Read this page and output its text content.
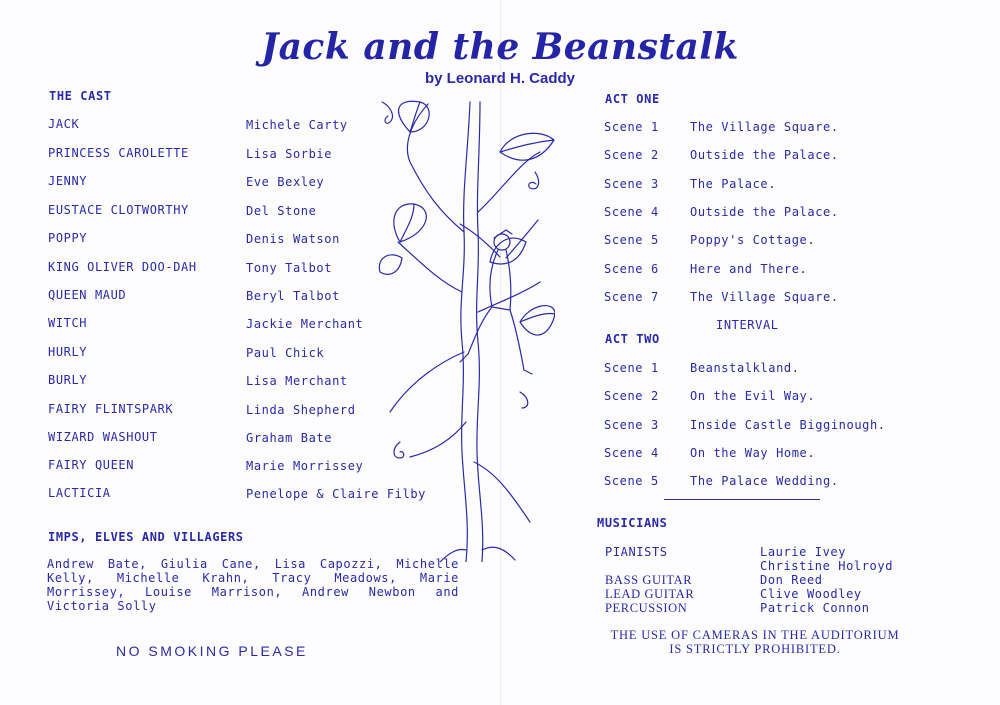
Jack and the Beanstalk
by Leonard H. Caddy
THE CAST
JACK	Michele Carty
PRINCESS CAROLETTE	Lisa Sorbie
JENNY	Eve Bexley
EUSTACE CLOTWORTHY	Del Stone
POPPY	Denis Watson
KING OLIVER DOO-DAH	Tony Talbot
QUEEN MAUD	Beryl Talbot
WITCH	Jackie Merchant
HURLY	Paul Chick
BURLY	Lisa Merchant
FAIRY FLINTSPARK	Linda Shepherd
WIZARD WASHOUT	Graham Bate
FAIRY QUEEN	Marie Morrissey
LACTICIA	Penelope & Claire Filby
IMPS, ELVES AND VILLAGERS
Andrew Bate, Giulia Cane, Lisa Capozzi, Michelle Kelly, Michelle Krahn, Tracy Meadows, Marie Morrissey, Louise Marrison, Andrew Newbon and Victoria Solly
NO SMOKING PLEASE
ACT ONE
Scene 1	The Village Square.
Scene 2	Outside the Palace.
Scene 3	The Palace.
Scene 4	Outside the Palace.
Scene 5	Poppy's Cottage.
Scene 6	Here and There.
Scene 7	The Village Square.
INTERVAL
ACT TWO
Scene 1	Beanstalkland.
Scene 2	On the Evil Way.
Scene 3	Inside Castle Bigginough.
Scene 4	On the Way Home.
Scene 5	The Palace Wedding.
MUSICIANS
PIANISTS	Laurie Ivey
Christine Holroyd
BASS GUITAR	Don Reed
LEAD GUITAR	Clive Woodley
PERCUSSION	Patrick Connon
THE USE OF CAMERAS IN THE AUDITORIUM
IS STRICTLY PROHIBITED.
